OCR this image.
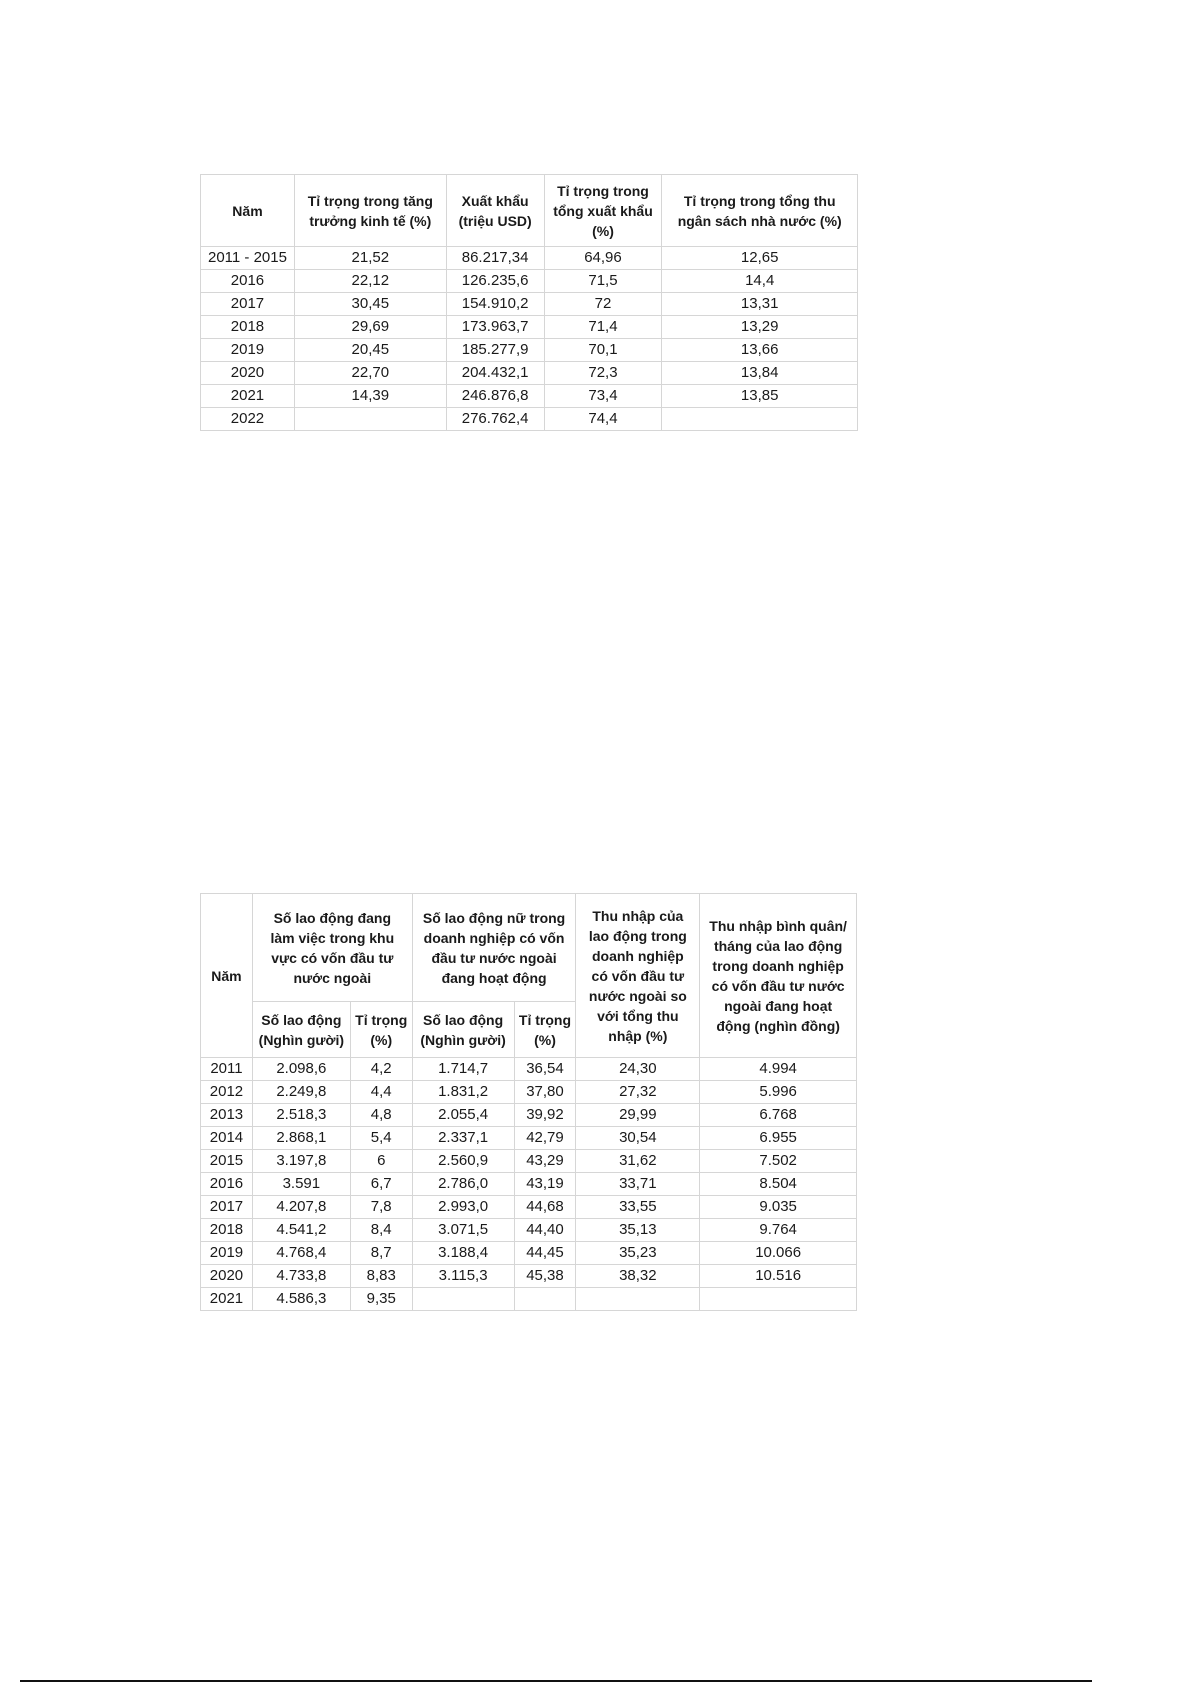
Năm	Tỉ trọng trong tăng trưởng kinh tế (%)	Xuất khẩu (triệu USD)	Tỉ trọng trong tổng xuất khẩu (%)	Tỉ trọng trong tổng thu ngân sách nhà nước (%)
2011 - 2015	21,52	86.217,34	64,96	12,65
2016	22,12	126.235,6	71,5	14,4
2017	30,45	154.910,2	72	13,31
2018	29,69	173.963,7	71,4	13,29
2019	20,45	185.277,9	70,1	13,66
2020	22,70	204.432,1	72,3	13,84
2021	14,39	246.876,8	73,4	13,85
2022		276.762,4	74,4	
Năm	Số lao động đang làm việc trong khu vực có vốn đầu tư nước ngoài		Số lao động nữ trong doanh nghiệp có vốn đầu tư nước ngoài đang hoạt động		Thu nhập của lao động trong doanh nghiệp có vốn đầu tư nước ngoài so với tổng thu nhập (%)	Thu nhập bình quân/ tháng của lao động trong doanh nghiệp có vốn đầu tư nước ngoài đang hoạt động (nghìn đồng)
	Số lao động (Nghìn gười)	Tỉ trọng (%)	Số lao động (Nghìn gười)	Tỉ trọng (%)		
2011	2.098,6	4,2	1.714,7	36,54	24,30	4.994
2012	2.249,8	4,4	1.831,2	37,80	27,32	5.996
2013	2.518,3	4,8	2.055,4	39,92	29,99	6.768
2014	2.868,1	5,4	2.337,1	42,79	30,54	6.955
2015	3.197,8	6	2.560,9	43,29	31,62	7.502
2016	3.591	6,7	2.786,0	43,19	33,71	8.504
2017	4.207,8	7,8	2.993,0	44,68	33,55	9.035
2018	4.541,2	8,4	3.071,5	44,40	35,13	9.764
2019	4.768,4	8,7	3.188,4	44,45	35,23	10.066
2020	4.733,8	8,83	3.115,3	45,38	38,32	10.516
2021	4.586,3	9,35				
